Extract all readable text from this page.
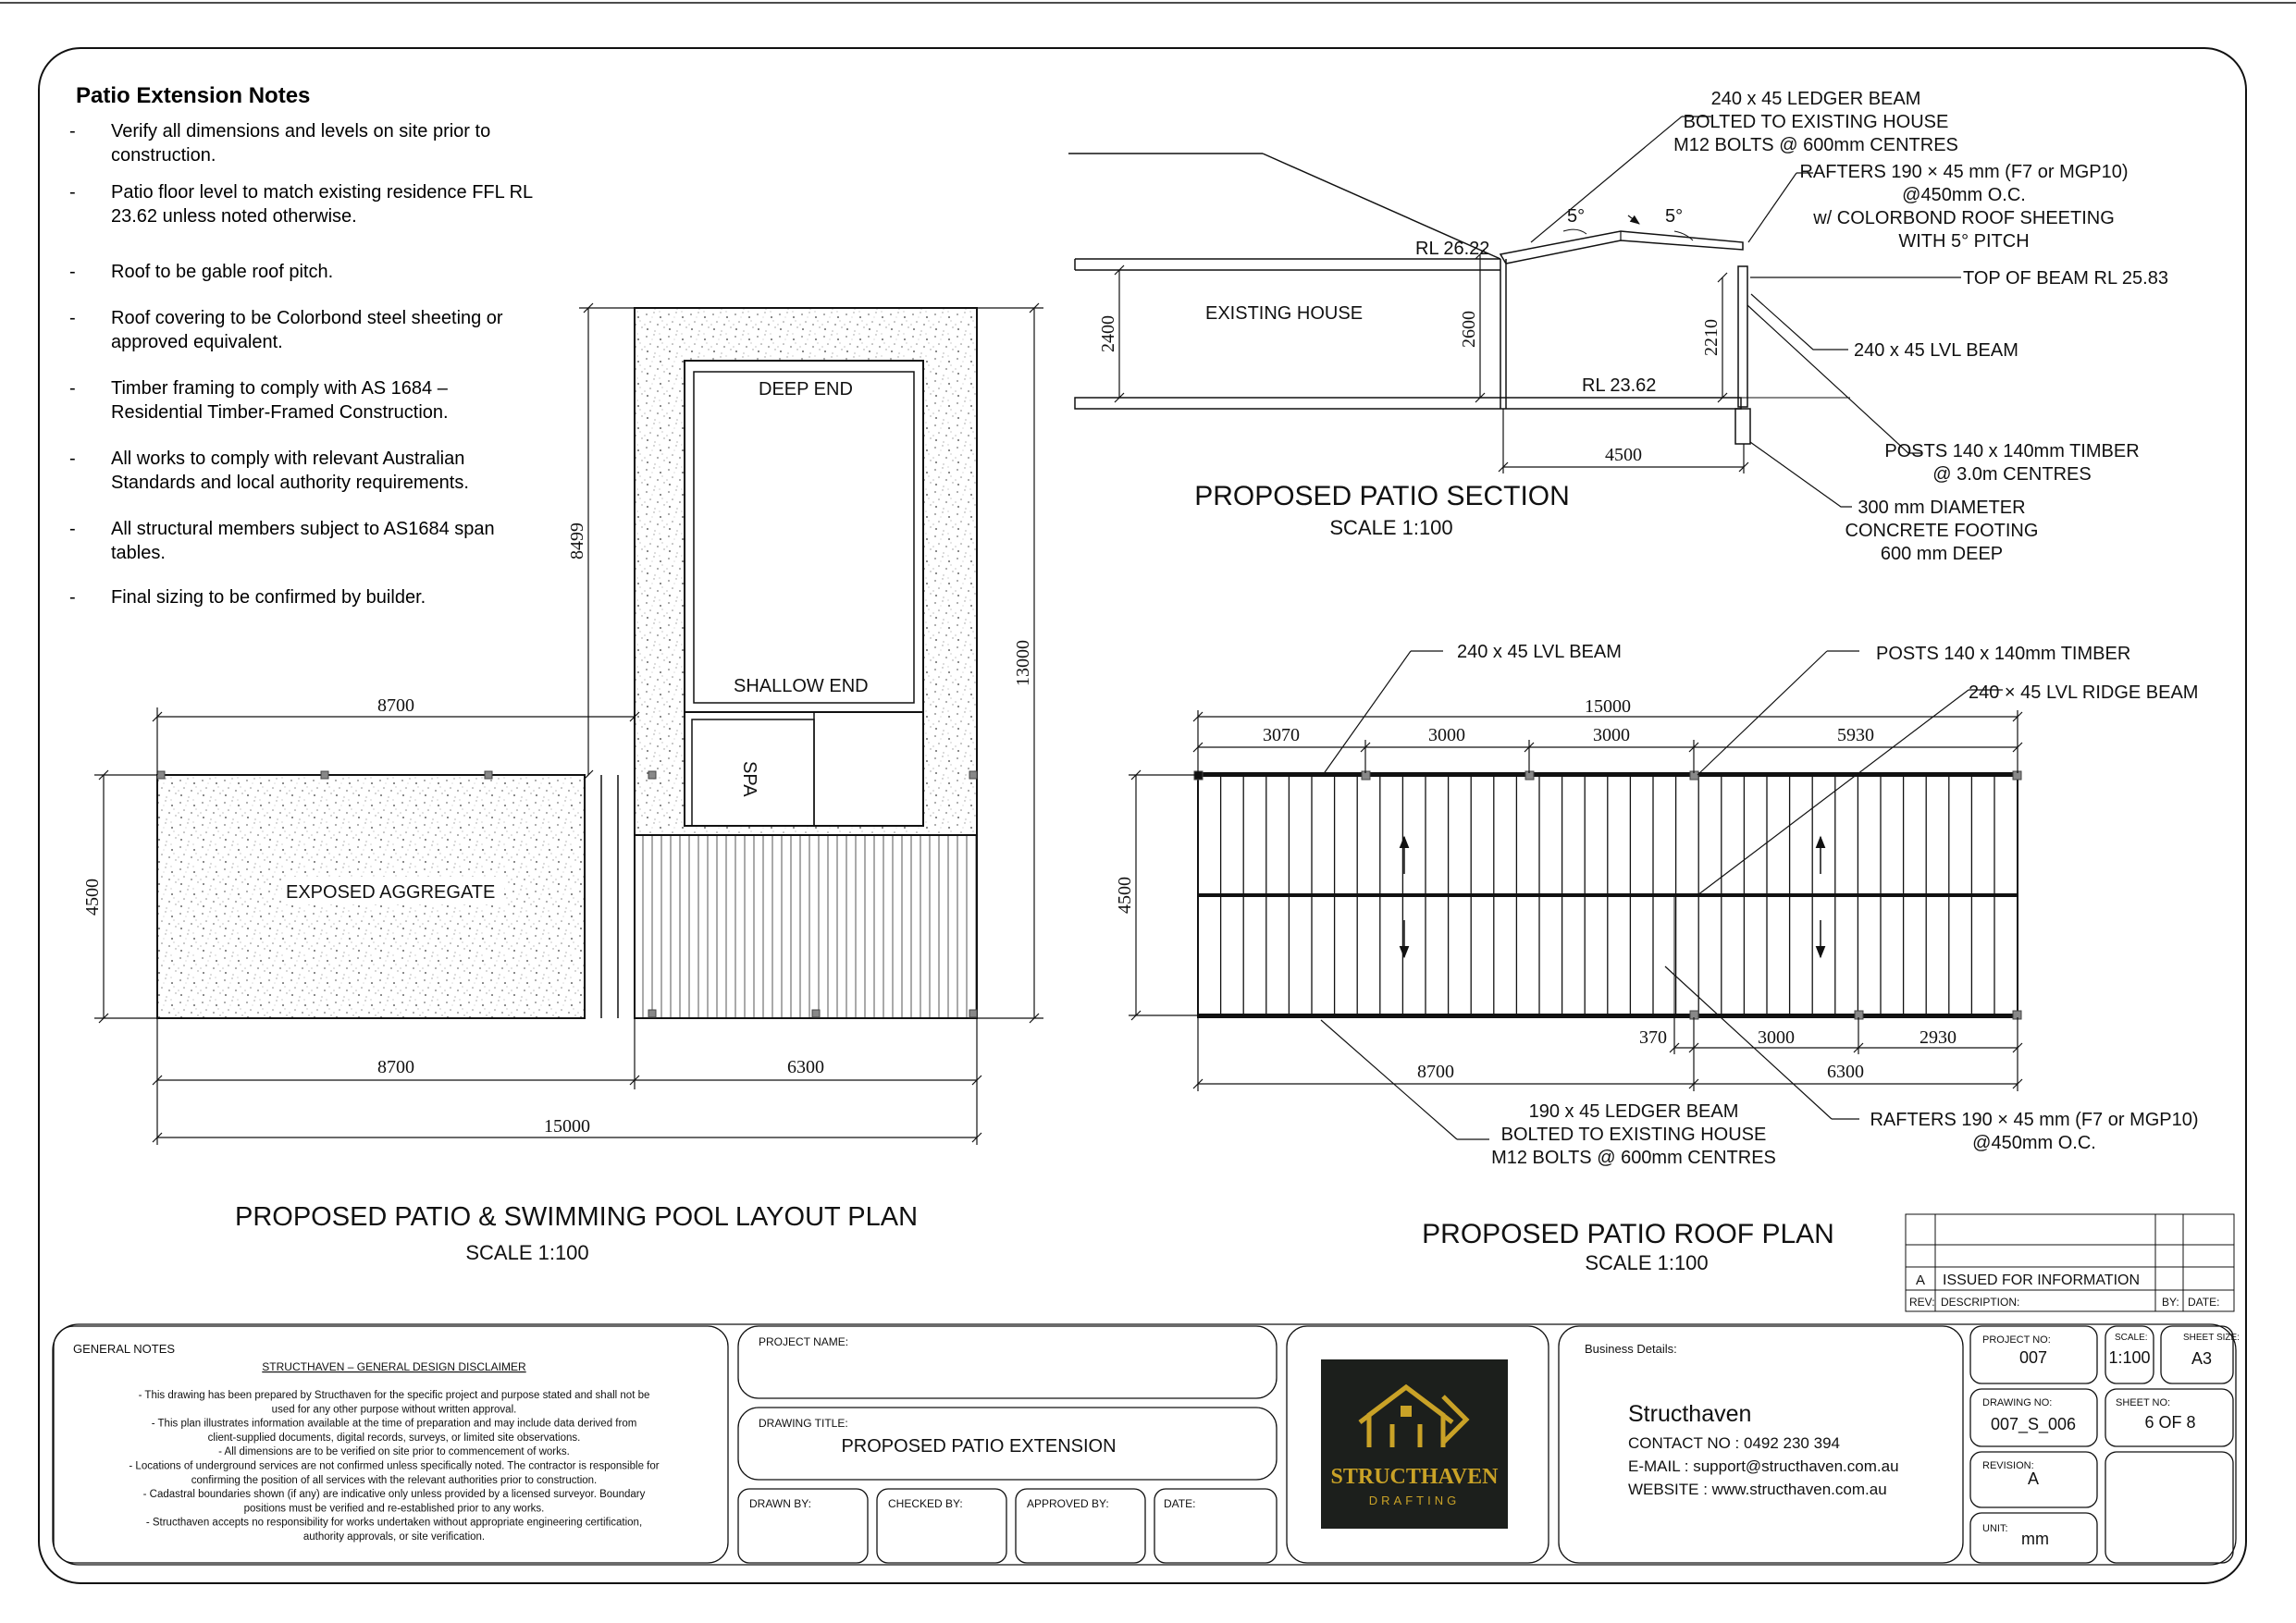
Patio Extension Notes
- Verify all dimensions and levels on site prior to
construction.
- Patio floor level to match existing residence FFL RL
23.62 unless noted otherwise.
- Roof to be gable roof pitch.
- Roof covering to be Colorbond steel sheeting or
approved equivalent.
- Timber framing to comply with AS 1684 –
Residential Timber-Framed Construction.
- All works to comply with relevant Australian
Standards and local authority requirements.
- All structural members subject to AS1684 span
tables.
- Final sizing to be confirmed by builder.
DEEP END
SHALLOW END
SPA
EXPOSED AGGREGATE
8700
8700	6300
15000
4500
8499
13000
PROPOSED PATIO & SWIMMING POOL LAYOUT PLAN
SCALE 1:100
EXISTING HOUSE
RL 26.22
RL 23.62
5°	5°
2400	2600	2210
4500
240 x 45 LEDGER BEAM
BOLTED TO EXISTING HOUSE
M12 BOLTS @ 600mm CENTRES
RAFTERS 190 × 45 mm (F7 or MGP10)
@450mm O.C.
w/ COLORBOND ROOF SHEETING
WITH 5° PITCH
TOP OF BEAM RL 25.83
240 x 45 LVL BEAM
POSTS 140 x 140mm TIMBER
@ 3.0m CENTRES
300 mm DIAMETER
CONCRETE FOOTING
600 mm DEEP
PROPOSED PATIO SECTION
SCALE 1:100
240 x 45 LVL BEAM	POSTS 140 x 140mm TIMBER
240 × 45 LVL RIDGE BEAM
15000
3070	3000	3000	5930
4500
370	3000	2930
8700	6300
190 x 45 LEDGER BEAM
BOLTED TO EXISTING HOUSE
M12 BOLTS @ 600mm CENTRES
RAFTERS 190 × 45 mm (F7 or MGP10)
@450mm O.C.
PROPOSED PATIO ROOF PLAN
SCALE 1:100
A ISSUED FOR INFORMATION
REV: DESCRIPTION:	BY: DATE:
GENERAL NOTES
STRUCTHAVEN – GENERAL DESIGN DISCLAIMER
- This drawing has been prepared by Structhaven for the specific project and purpose stated and shall not be
used for any other purpose without written approval.
- This plan illustrates information available at the time of preparation and may include data derived from
client-supplied documents, digital records, surveys, or limited site observations.
- All dimensions are to be verified on site prior to commencement of works.
- Locations of underground services are not confirmed unless specifically noted. The contractor is responsible for
confirming the position of all services with the relevant authorities prior to construction.
- Cadastral boundaries shown (if any) are indicative only unless provided by a licensed surveyor. Boundary
positions must be verified and re-established prior to any works.
- Structhaven accepts no responsibility for works undertaken without appropriate engineering certification,
authority approvals, or site verification.
PROJECT NAME:
DRAWING TITLE:
PROPOSED PATIO EXTENSION
DRAWN BY:	CHECKED BY:	APPROVED BY:	DATE:
STRUCTHAVEN
DRAFTING
Business Details:
Structhaven
CONTACT NO : 0492 230 394
E-MAIL : support@structhaven.com.au
WEBSITE : www.structhaven.com.au
PROJECT NO:
007
SCALE:
1:100
SHEET SIZE:
A3
DRAWING NO:
007_S_006
SHEET NO:
6 OF 8
REVISION:
A
UNIT:
mm
